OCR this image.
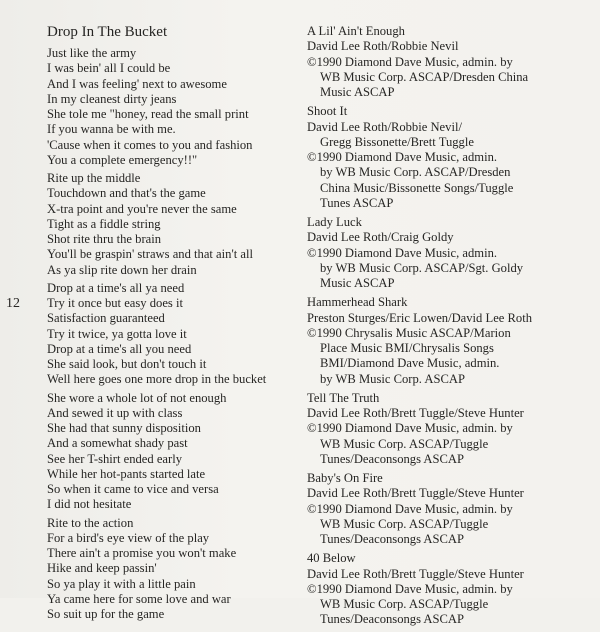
12
Drop In The Bucket
Just like the army
I was bein' all I could be
And I was feeling' next to awesome
In my cleanest dirty jeans
She tole me "honey, read the small print
If you wanna be with me.
'Cause when it comes to you and fashion
You a complete emergency!!"
Rite up the middle
Touchdown and that's the game
X-tra point and you're never the same
Tight as a fiddle string
Shot rite thru the brain
You'll be graspin' straws and that ain't all
As ya slip rite down her drain
Drop at a time's all ya need
Try it once but easy does it
Satisfaction guaranteed
Try it twice, ya gotta love it
Drop at a time's all you need
She said look, but don't touch it
Well here goes one more drop in the bucket
She wore a whole lot of not enough
And sewed it up with class
She had that sunny disposition
And a somewhat shady past
See her T-shirt ended early
While her hot-pants started late
So when it came to vice and versa
I did not hesitate
Rite to the action
For a bird's eye view of the play
There ain't a promise you won't make
Hike and keep passin'
So ya play it with a little pain
Ya came here for some love and war
So suit up for the game
A Lil' Ain't Enough
David Lee Roth/Robbie Nevil
©1990 Diamond Dave Music, admin. by
WB Music Corp. ASCAP/Dresden China
Music ASCAP
Shoot It
David Lee Roth/Robbie Nevil/
Gregg Bissonette/Brett Tuggle
©1990 Diamond Dave Music, admin.
by WB Music Corp. ASCAP/Dresden
China Music/Bissonette Songs/Tuggle
Tunes ASCAP
Lady Luck
David Lee Roth/Craig Goldy
©1990 Diamond Dave Music, admin.
by WB Music Corp. ASCAP/Sgt. Goldy
Music ASCAP
Hammerhead Shark
Preston Sturges/Eric Lowen/David Lee Roth
©1990 Chrysalis Music ASCAP/Marion
Place Music BMI/Chrysalis Songs
BMI/Diamond Dave Music, admin.
by WB Music Corp. ASCAP
Tell The Truth
David Lee Roth/Brett Tuggle/Steve Hunter
©1990 Diamond Dave Music, admin. by
WB Music Corp. ASCAP/Tuggle
Tunes/Deaconsongs ASCAP
Baby's On Fire
David Lee Roth/Brett Tuggle/Steve Hunter
©1990 Diamond Dave Music, admin. by
WB Music Corp. ASCAP/Tuggle
Tunes/Deaconsongs ASCAP
40 Below
David Lee Roth/Brett Tuggle/Steve Hunter
©1990 Diamond Dave Music, admin. by
WB Music Corp. ASCAP/Tuggle
Tunes/Deaconsongs ASCAP
